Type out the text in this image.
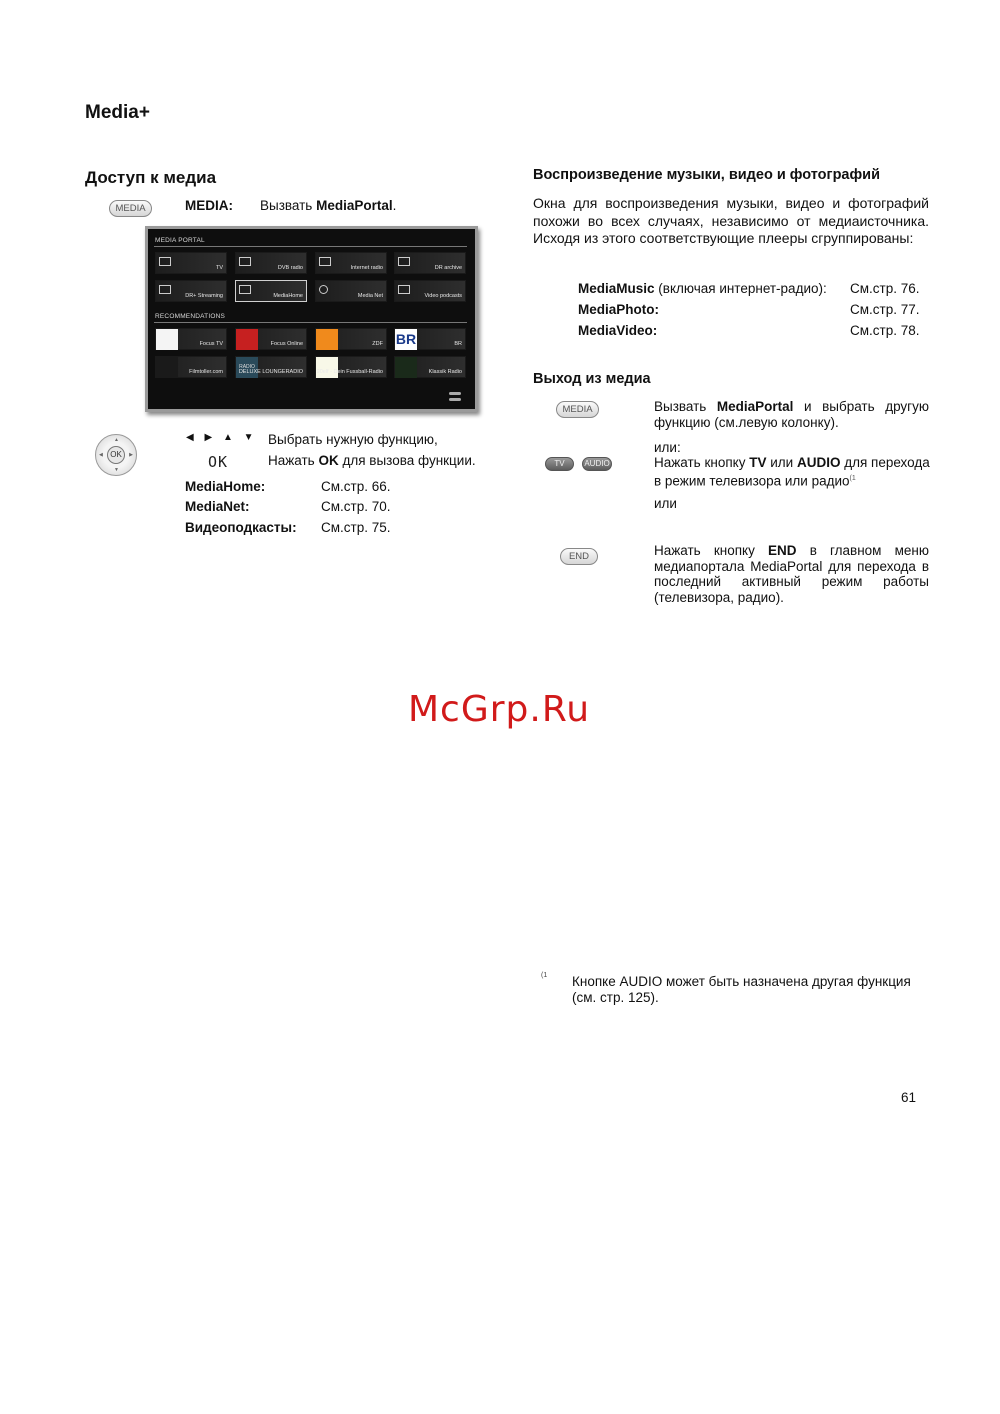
Media+
Доступ к медиа
MEDIA	MEDIA: Вызвать MediaPortal.
MEDIA PORTAL
TV	DVB radio	Internet radio	DR archive
DR+ Streaming	MediaHome	Media Net	Video podcasts
RECOMMENDATIONS
Focus TV	Focus Online	ZDF BR	BR
Filmtoller.com
RADIO
DELUXE LOUNGERADIO 90elf - Dein Fussball-Radio	Klassik Radio
▲
▼
◀	▶
OK
◀ ▶ ▲ ▼ Выбрать нужную функцию,
OK	Нажать OK для вызова функции.
MediaHome:	См.стр. 66.
MediaNet:	См.стр. 70.
Видеоподкасты: См.стр. 75.
Воспроизведение музыки, видео и фотографий
Окна для воспроизведения музыки, видео и фотографий похожи во всех случаях, независимо от медиаисточника. Исходя из этого соответствующие плееры сгруппированы:
MediaMusic (включая интернет-радио): См.стр. 76.
MediaPhoto:	См.стр. 77.
MediaVideo:	См.стр. 78.
Выход из медиа
MEDIA	Вызвать MediaPortal и выбрать другую функцию (см.левую колонку).
или:
TV	AUDIO	Нажать кнопку TV или AUDIO для перехода в режим телевизора или радио$^{(1}$
или
END	Нажать кнопку END в главном меню медиапортала MediaPortal для перехода в последний активный режим работы (телевизора, радио).
McGrp.Ru
(1 Кнопке AUDIO может быть назначена другая функция (см. стр. 125).
61
